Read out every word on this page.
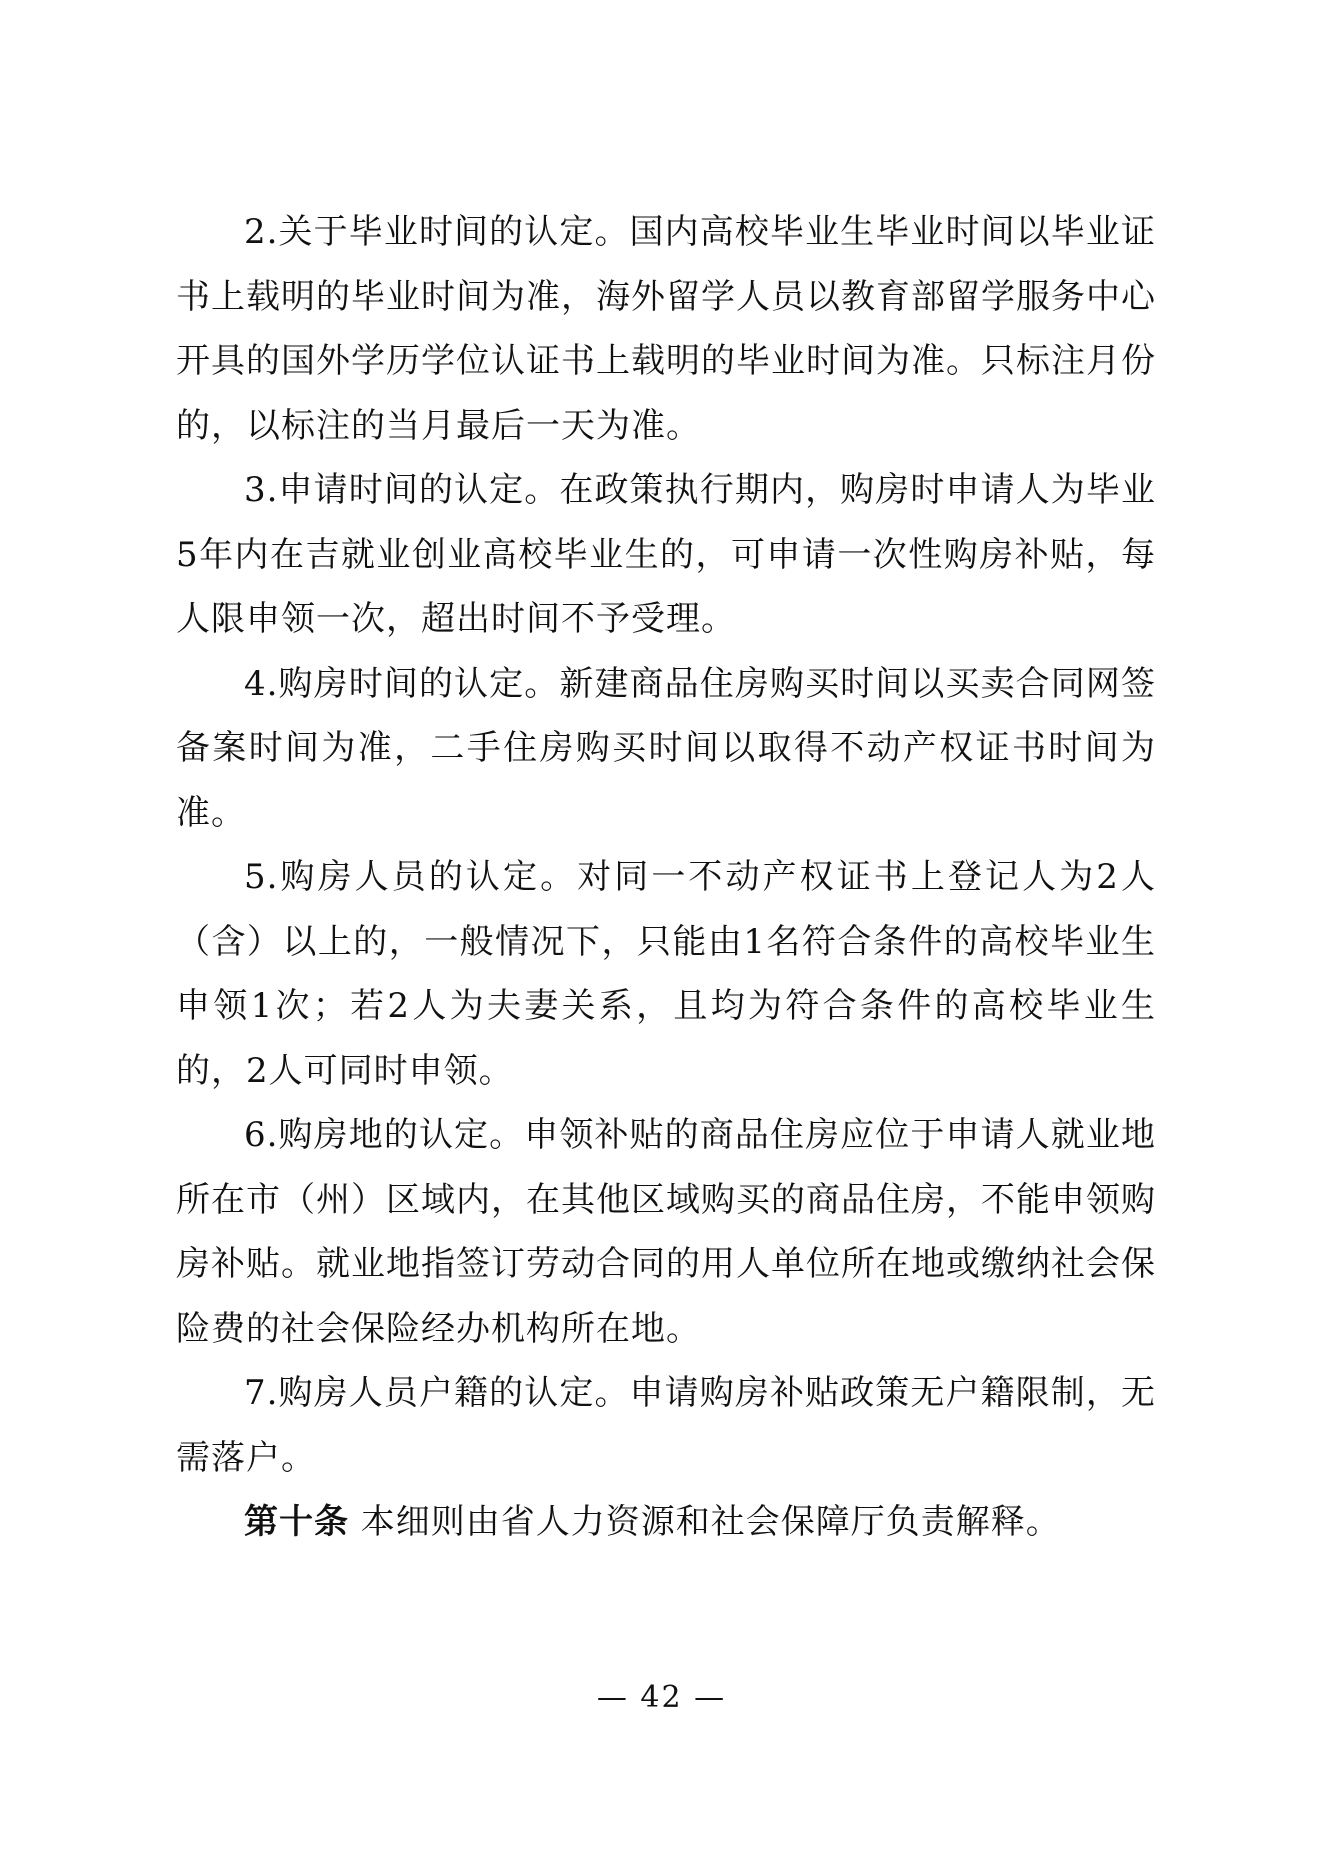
2.关于毕业时间的认定。国内高校毕业生毕业时间以毕业证书上载明的毕业时间为准，海外留学人员以教育部留学服务中心开具的国外学历学位认证书上载明的毕业时间为准。只标注月份的，以标注的当月最后一天为准。

3.申请时间的认定。在政策执行期内，购房时申请人为毕业5年内在吉就业创业高校毕业生的，可申请一次性购房补贴，每人限申领一次，超出时间不予受理。

4.购房时间的认定。新建商品住房购买时间以买卖合同网签备案时间为准，二手住房购买时间以取得不动产权证书时间为准。

5.购房人员的认定。对同一不动产权证书上登记人为2人（含）以上的，一般情况下，只能由1名符合条件的高校毕业生申领1次；若2人为夫妻关系，且均为符合条件的高校毕业生的，2人可同时申领。

6.购房地的认定。申领补贴的商品住房应位于申请人就业地所在市（州）区域内，在其他区域购买的商品住房，不能申领购房补贴。就业地指签订劳动合同的用人单位所在地或缴纳社会保险费的社会保险经办机构所在地。

7.购房人员户籍的认定。申请购房补贴政策无户籍限制，无需落户。

第十条 本细则由省人力资源和社会保障厅负责解释。

— 42 —
